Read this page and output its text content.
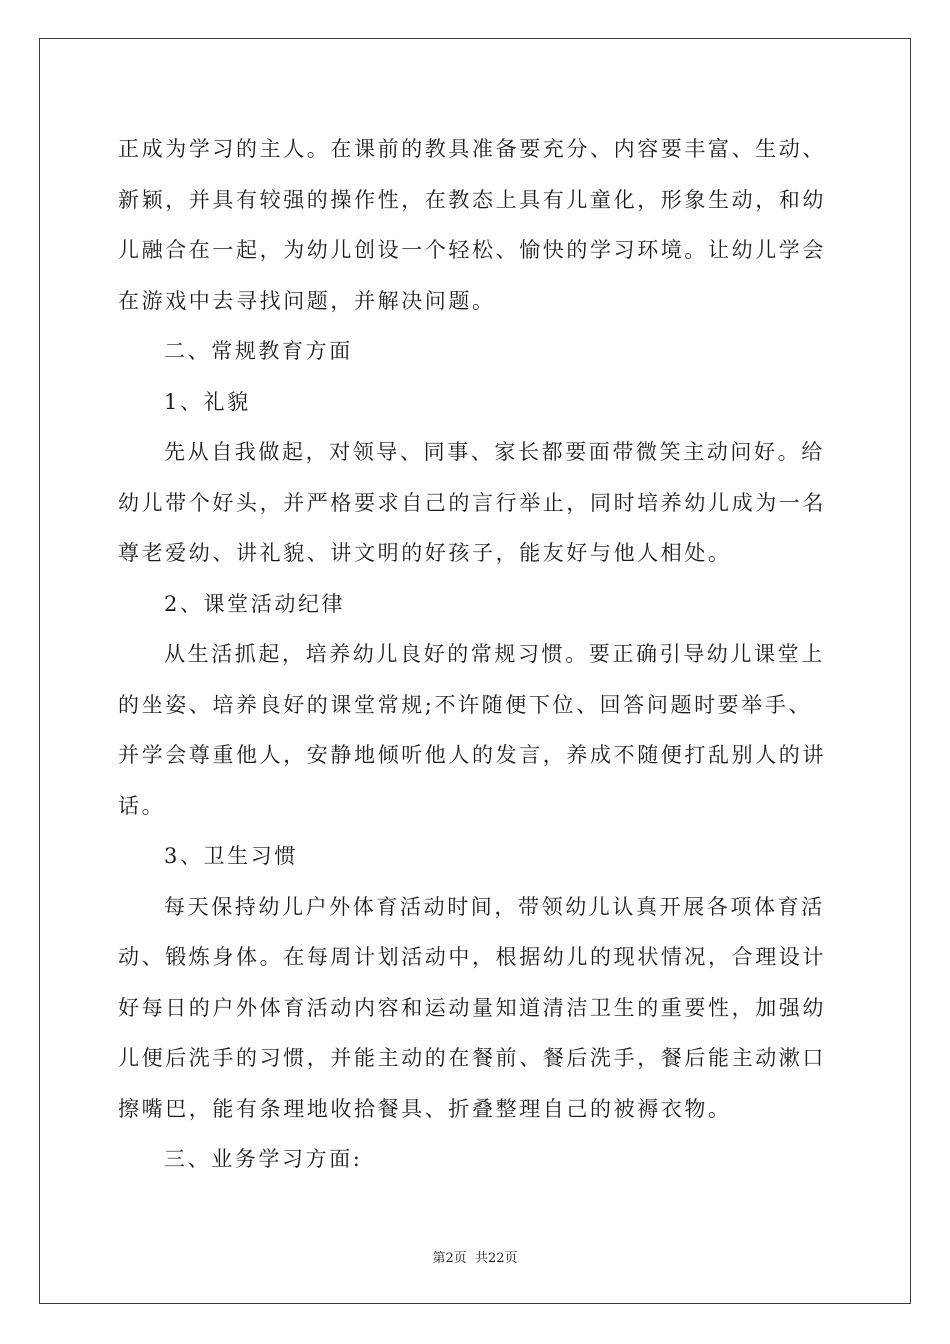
正成为学习的主人。在课前的教具准备要充分、内容要丰富、生动、
新颖，并具有较强的操作性，在教态上具有儿童化，形象生动，和幼
儿融合在一起，为幼儿创设一个轻松、愉快的学习环境。让幼儿学会
在游戏中去寻找问题，并解决问题。
二、常规教育方面
1、礼貌
先从自我做起，对领导、同事、家长都要面带微笑主动问好。给
幼儿带个好头，并严格要求自己的言行举止，同时培养幼儿成为一名
尊老爱幼、讲礼貌、讲文明的好孩子，能友好与他人相处。
2、课堂活动纪律
从生活抓起，培养幼儿良好的常规习惯。要正确引导幼儿课堂上
的坐姿、培养良好的课堂常规;不许随便下位、回答问题时要举手、
并学会尊重他人，安静地倾听他人的发言，养成不随便打乱别人的讲
话。
3、卫生习惯
每天保持幼儿户外体育活动时间，带领幼儿认真开展各项体育活
动、锻炼身体。在每周计划活动中，根据幼儿的现状情况，合理设计
好每日的户外体育活动内容和运动量知道清洁卫生的重要性，加强幼
儿便后洗手的习惯，并能主动的在餐前、餐后洗手，餐后能主动漱口
擦嘴巴，能有条理地收拾餐具、折叠整理自己的被褥衣物。
三、业务学习方面:
第2页 共22页
